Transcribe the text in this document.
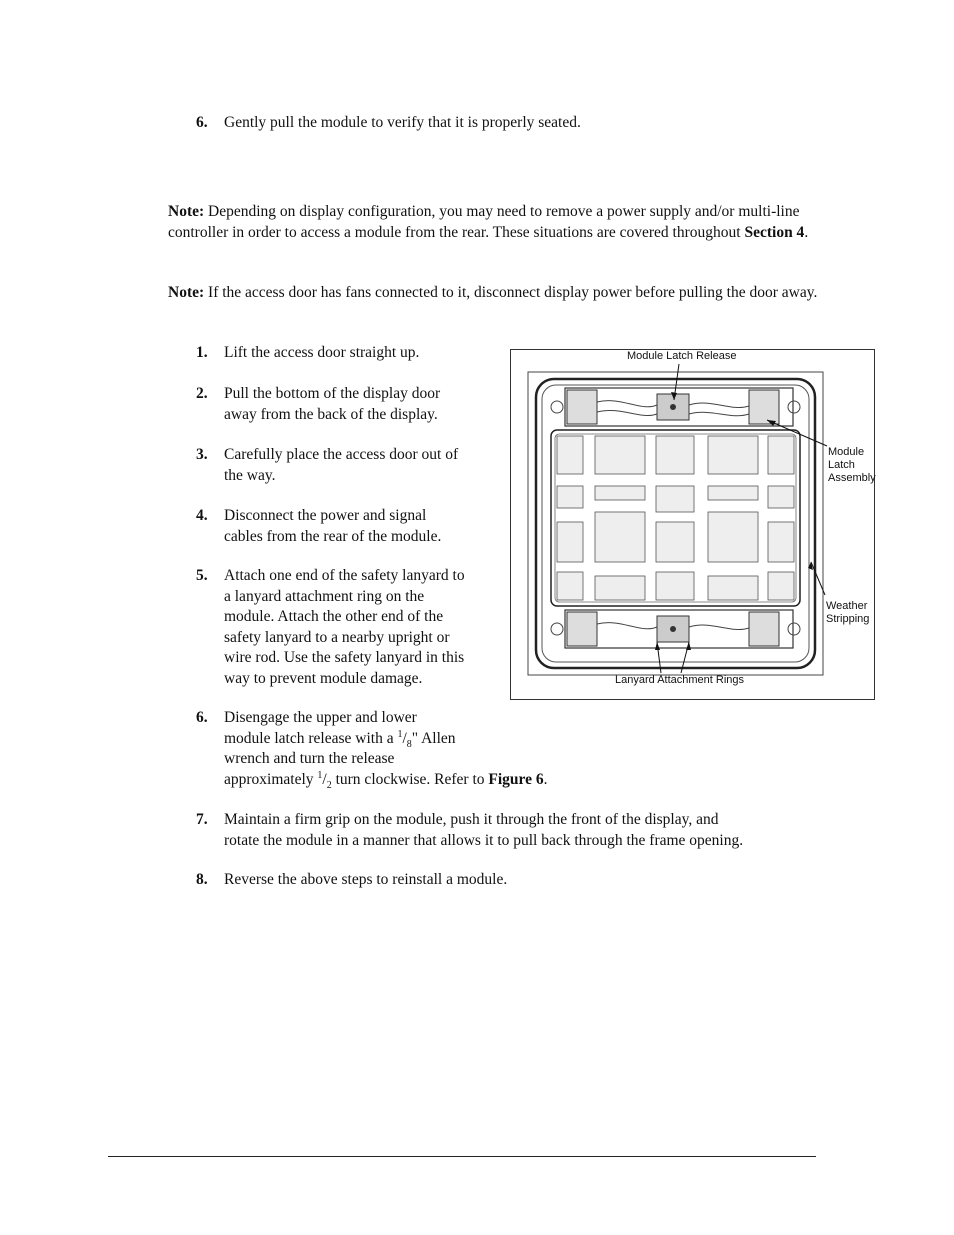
6. Gently pull the module to verify that it is properly seated.
Note: Depending on display configuration, you may need to remove a power supply and/or multi-line controller in order to access a module from the rear. These situations are covered throughout Section 4.
Note: If the access door has fans connected to it, disconnect display power before pulling the door away.
1. Lift the access door straight up.
2. Pull the bottom of the display door
away from the back of the display.
3. Carefully place the access door out of
the way.
4. Disconnect the power and signal
cables from the rear of the module.
5. Attach one end of the safety lanyard to
a lanyard attachment ring on the
module. Attach the other end of the
safety lanyard to a nearby upright or
wire rod. Use the safety lanyard in this
way to prevent module damage.
6. Disengage the upper and lower
module latch release with a $^1/_8$" Allen
wrench and turn the release
approximately $^1/_2$ turn clockwise. Refer to Figure 6.
7. Maintain a firm grip on the module, push it through the front of the display, and
rotate the module in a manner that allows it to pull back through the frame opening.
8. Reverse the above steps to reinstall a module.
Module Latch Release
Module
Latch
Assembly
Weather
Stripping
Lanyard Attachment Rings
